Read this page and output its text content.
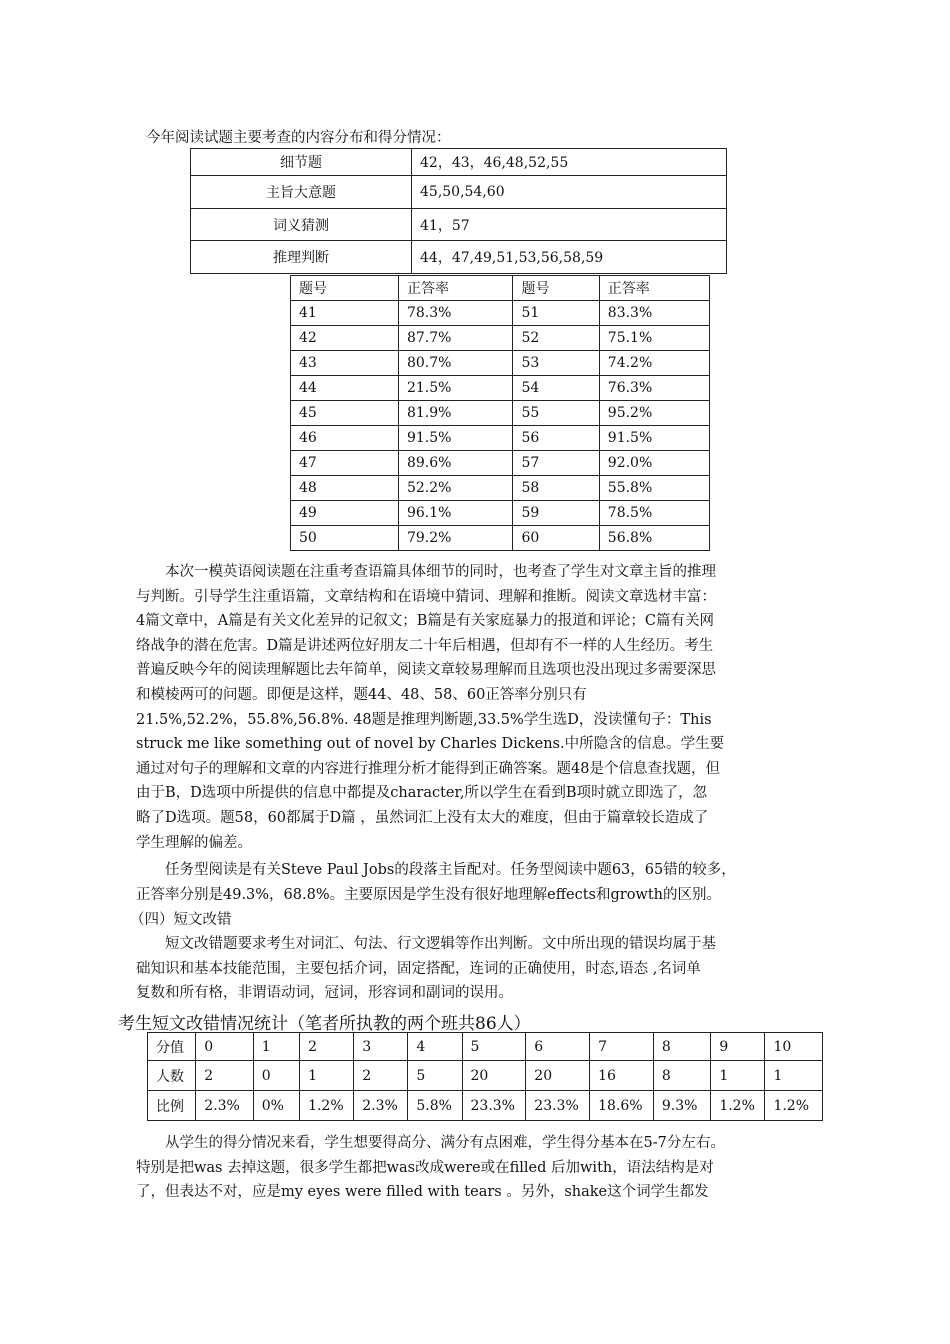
今年阅读试题主要考查的内容分布和得分情况：
细节题	42，43，46,48,52,55
主旨大意题	45,50,54,60
词义猜测	41，57
推理判断	44，47,49,51,53,56,58,59
题号	正答率	题号	正答率
41	78.3%	51	83.3%
42	87.7%	52	75.1%
43	80.7%	53	74.2%
44	21.5%	54	76.3%
45	81.9%	55	95.2%
46	91.5%	56	91.5%
47	89.6%	57	92.0%
48	52.2%	58	55.8%
49	96.1%	59	78.5%
50	79.2%	60	56.8%
　　本次一模英语阅读题在注重考查语篇具体细节的同时，也考查了学生对文章主旨的推理
与判断。引导学生注重语篇，文章结构和在语境中猜词、理解和推断。阅读文章选材丰富：
4篇文章中，A篇是有关文化差异的记叙文；B篇是有关家庭暴力的报道和评论；C篇有关网
络战争的潜在危害。D篇是讲述两位好朋友二十年后相遇，但却有不一样的人生经历。考生
普遍反映今年的阅读理解题比去年简单，阅读文章较易理解而且选项也没出现过多需要深思
和模棱两可的问题。即便是这样，题44、48、58、60正答率分别只有
21.5%,52.2%，55.8%,56.8%. 48题是推理判断题,33.5%学生选D，没读懂句子：This
struck me like something out of novel by Charles Dickens.中所隐含的信息。学生要
通过对句子的理解和文章的内容进行推理分析才能得到正确答案。题48是个信息查找题，但
由于B，D选项中所提供的信息中都提及character,所以学生在看到B项时就立即选了，忽
略了D选项。题58，60都属于D篇 ，虽然词汇上没有太大的难度，但由于篇章较长造成了
学生理解的偏差。
　　任务型阅读是有关Steve Paul Jobs的段落主旨配对。任务型阅读中题63，65错的较多，
正答率分别是49.3%，68.8%。主要原因是学生没有很好地理解effects和growth的区别。
（四）短文改错
　　短文改错题要求考生对词汇、句法、行文逻辑等作出判断。文中所出现的错误均属于基
础知识和基本技能范围，主要包括介词，固定搭配，连词的正确使用，时态,语态 ,名词单
复数和所有格，非谓语动词，冠词，形容词和副词的误用。
考生短文改错情况统计（笔者所执教的两个班共86人）
分值	0	1	2	3	4	5	6	7	8	9	10
人数	2	0	1	2	5	20	20	16	8	1	1
比例	2.3%	0%	1.2%	2.3%	5.8%	23.3%	23.3%	18.6%	9.3%	1.2%	1.2%
　　从学生的得分情况来看，学生想要得高分、满分有点困难，学生得分基本在5-7分左右。
特别是把was 去掉这题，很多学生都把was改成were或在filled 后加with，语法结构是对
了，但表达不对，应是my eyes were filled with tears 。另外，shake这个词学生都发
